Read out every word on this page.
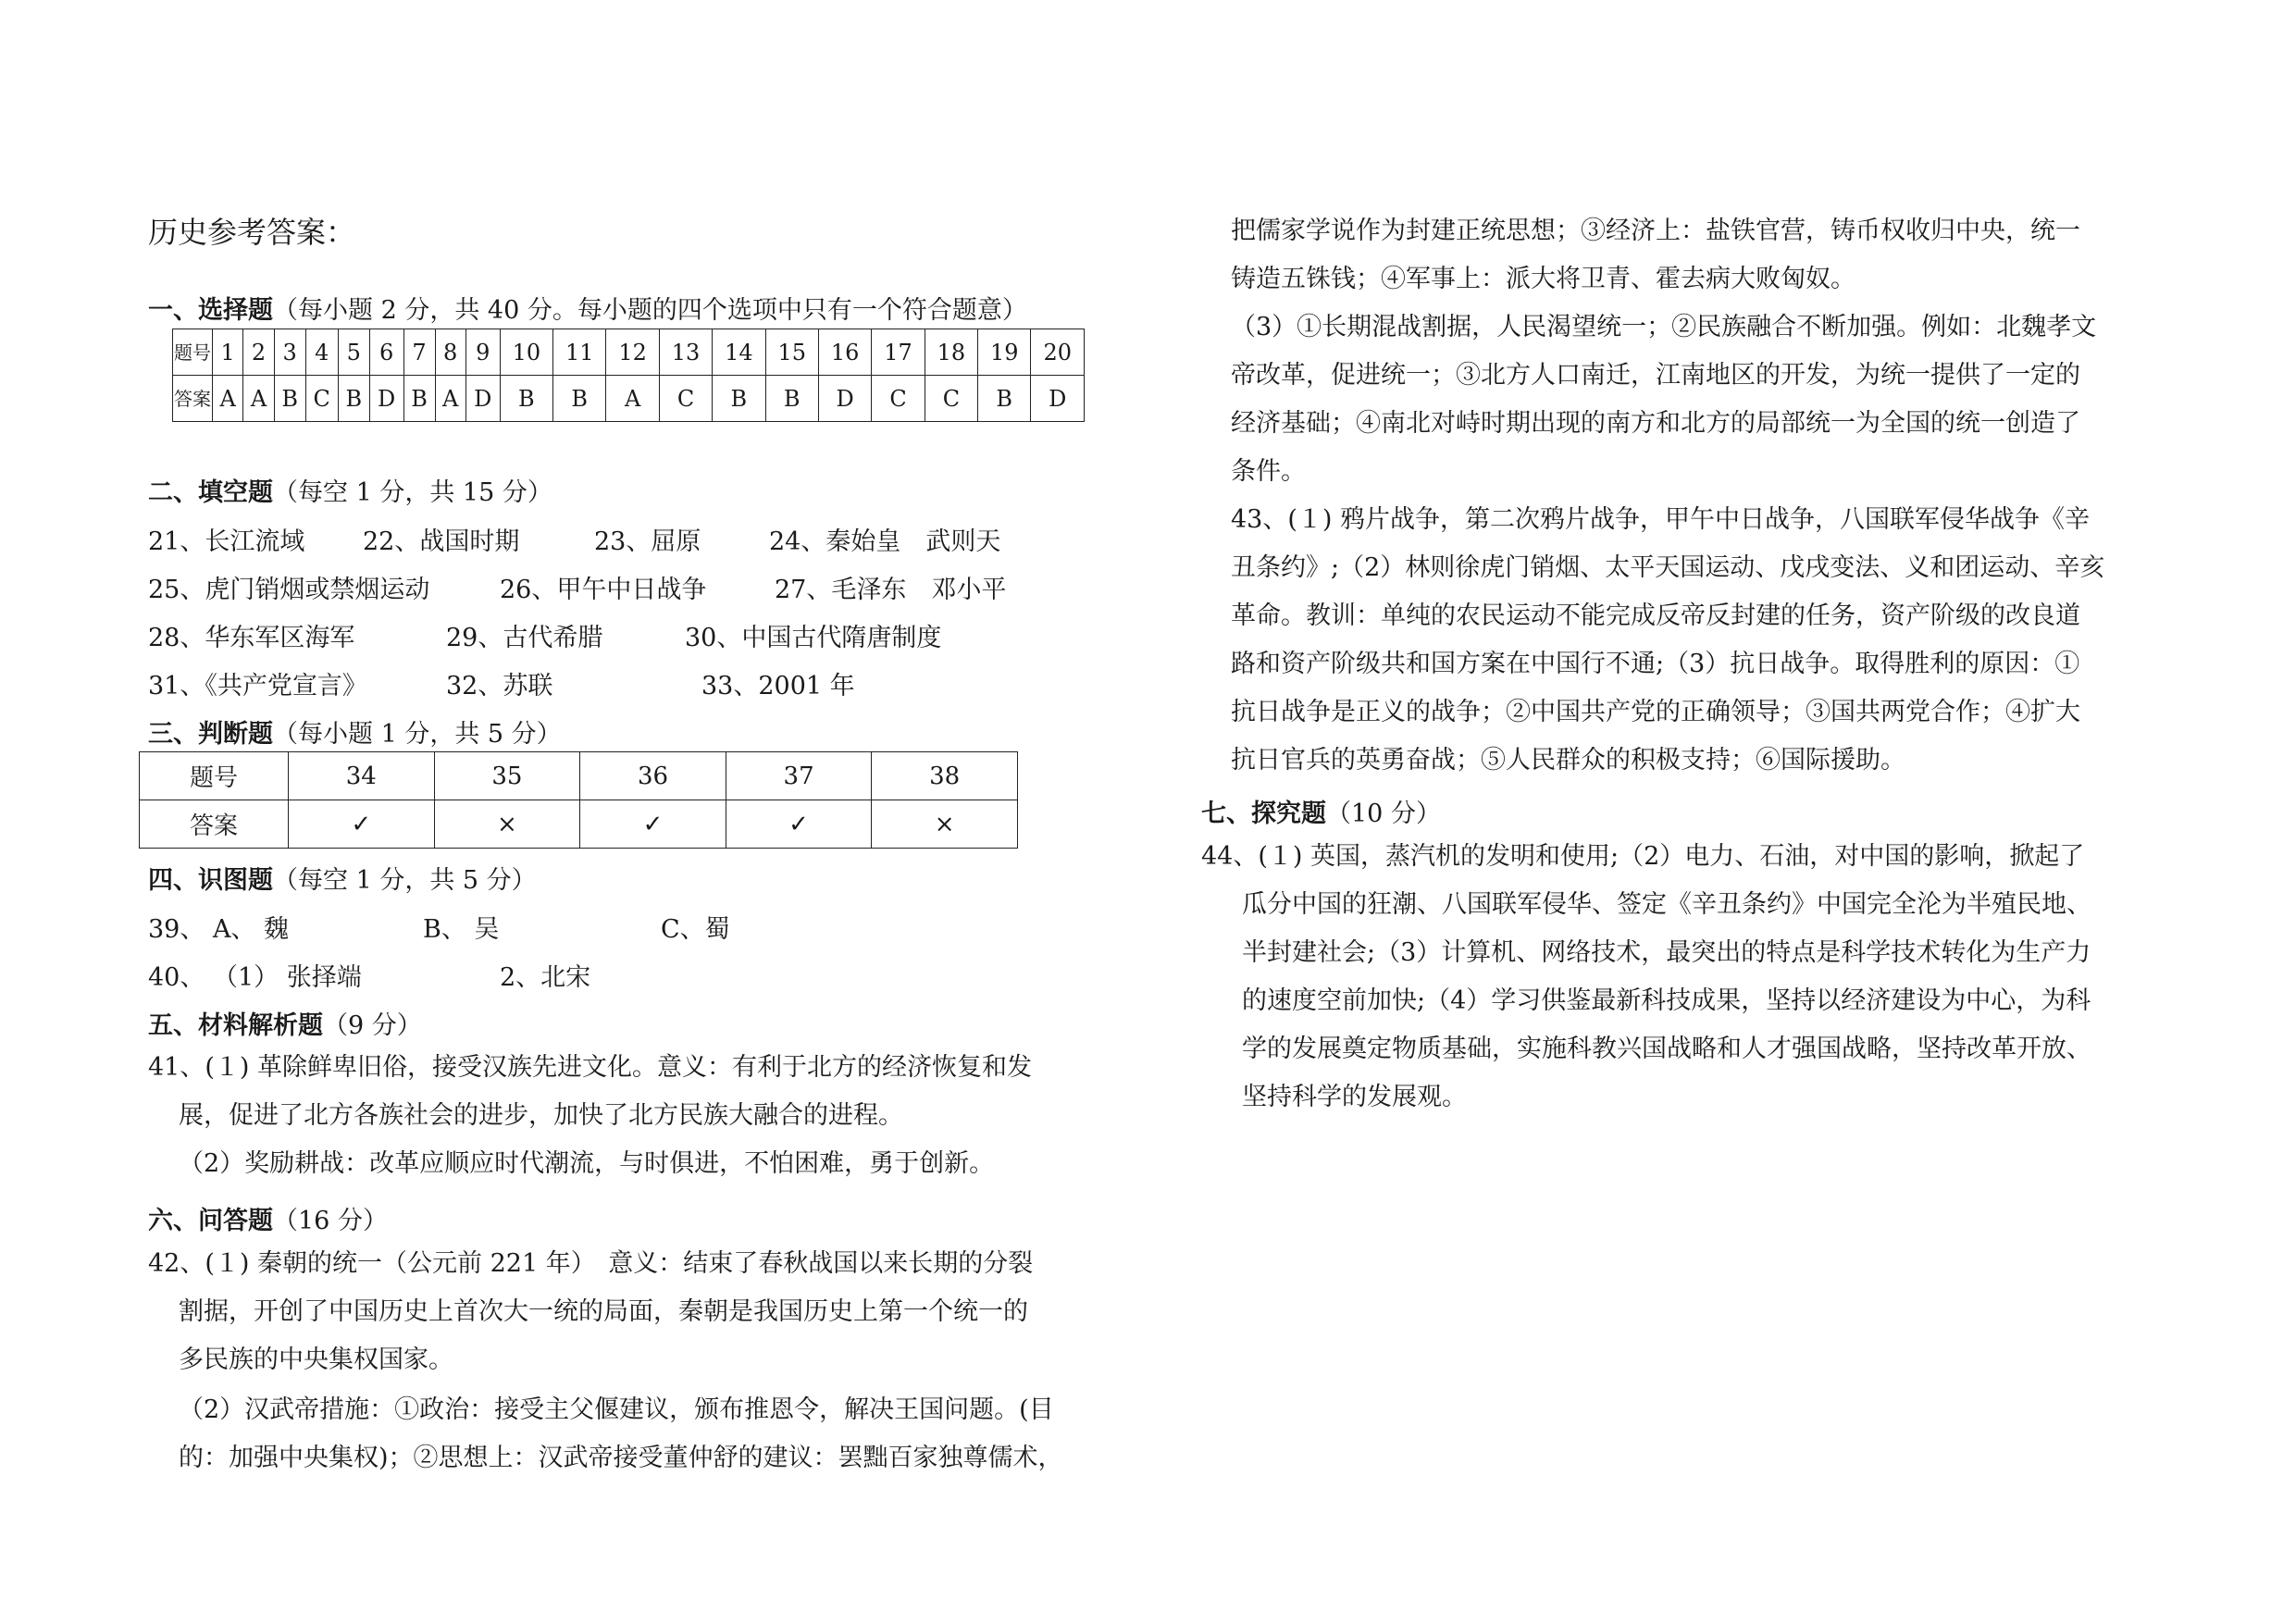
历史参考答案：
一、选择题（每小题 2 分，共 40 分。每小题的四个选项中只有一个符合题意）
题号	1	2	3	4	5	6	7	8	9	10	11	12	13	14	15	16	17	18	19	20
答案	A	A	B	C	B	D	B	A	D	B	B	A	C	B	B	D	C	C	B	D
二、填空题（每空 1 分，共 15 分）
21、长江流域 22、战国时期	23、屈原	24、秦始皇　武则天
25、虎门销烟或禁烟运动	26、甲午中日战争	27、毛泽东　邓小平
28、华东军区海军	29、古代希腊	30、中国古代隋唐制度
31、《共产党宣言》	32、苏联	33、2001 年
三、判断题（每小题 1 分，共 5 分）
题号	34	35	36	37	38
答案	✓	×	✓	✓	×
四、识图题（每空 1 分，共 5 分）
39、 A、 魏	B、 吴	C、蜀
40、 （1） 张择端	2、北宋
五、材料解析题（9 分）
41、(１) 革除鲜卑旧俗，接受汉族先进文化。意义：有利于北方的经济恢复和发
展，促进了北方各族社会的进步，加快了北方民族大融合的进程。
（2）奖励耕战：改革应顺应时代潮流，与时俱进，不怕困难，勇于创新。
六、问答题（16 分）
42、(１) 秦朝的统一（公元前 221 年）　意义：结束了春秋战国以来长期的分裂
割据，开创了中国历史上首次大一统的局面，秦朝是我国历史上第一个统一的
多民族的中央集权国家。
（2）汉武帝措施：①政治：接受主父偃建议，颁布推恩令，解决王国问题。(目
的：加强中央集权)；②思想上：汉武帝接受董仲舒的建议：罢黜百家独尊儒术，
把儒家学说作为封建正统思想；③经济上：盐铁官营，铸币权收归中央，统一
铸造五铢钱；④军事上：派大将卫青、霍去病大败匈奴。
（3）①长期混战割据，人民渴望统一；②民族融合不断加强。例如：北魏孝文
帝改革，促进统一；③北方人口南迁，江南地区的开发，为统一提供了一定的
经济基础；④南北对峙时期出现的南方和北方的局部统一为全国的统一创造了
条件。
43、(１) 鸦片战争，第二次鸦片战争，甲午中日战争，八国联军侵华战争《辛
丑条约》;（2）林则徐虎门销烟、太平天国运动、戊戌变法、义和团运动、辛亥
革命。教训：单纯的农民运动不能完成反帝反封建的任务，资产阶级的改良道
路和资产阶级共和国方案在中国行不通;（3）抗日战争。取得胜利的原因：①
抗日战争是正义的战争；②中国共产党的正确领导；③国共两党合作；④扩大
抗日官兵的英勇奋战；⑤人民群众的积极支持；⑥国际援助。
七、探究题（10 分）
44、(１) 英国，蒸汽机的发明和使用;（2）电力、石油，对中国的影响，掀起了
瓜分中国的狂潮、八国联军侵华、签定《辛丑条约》中国完全沦为半殖民地、
半封建社会;（3）计算机、网络技术，最突出的特点是科学技术转化为生产力
的速度空前加快;（4）学习供鉴最新科技成果，坚持以经济建设为中心，为科
学的发展奠定物质基础，实施科教兴国战略和人才强国战略，坚持改革开放、
坚持科学的发展观。
